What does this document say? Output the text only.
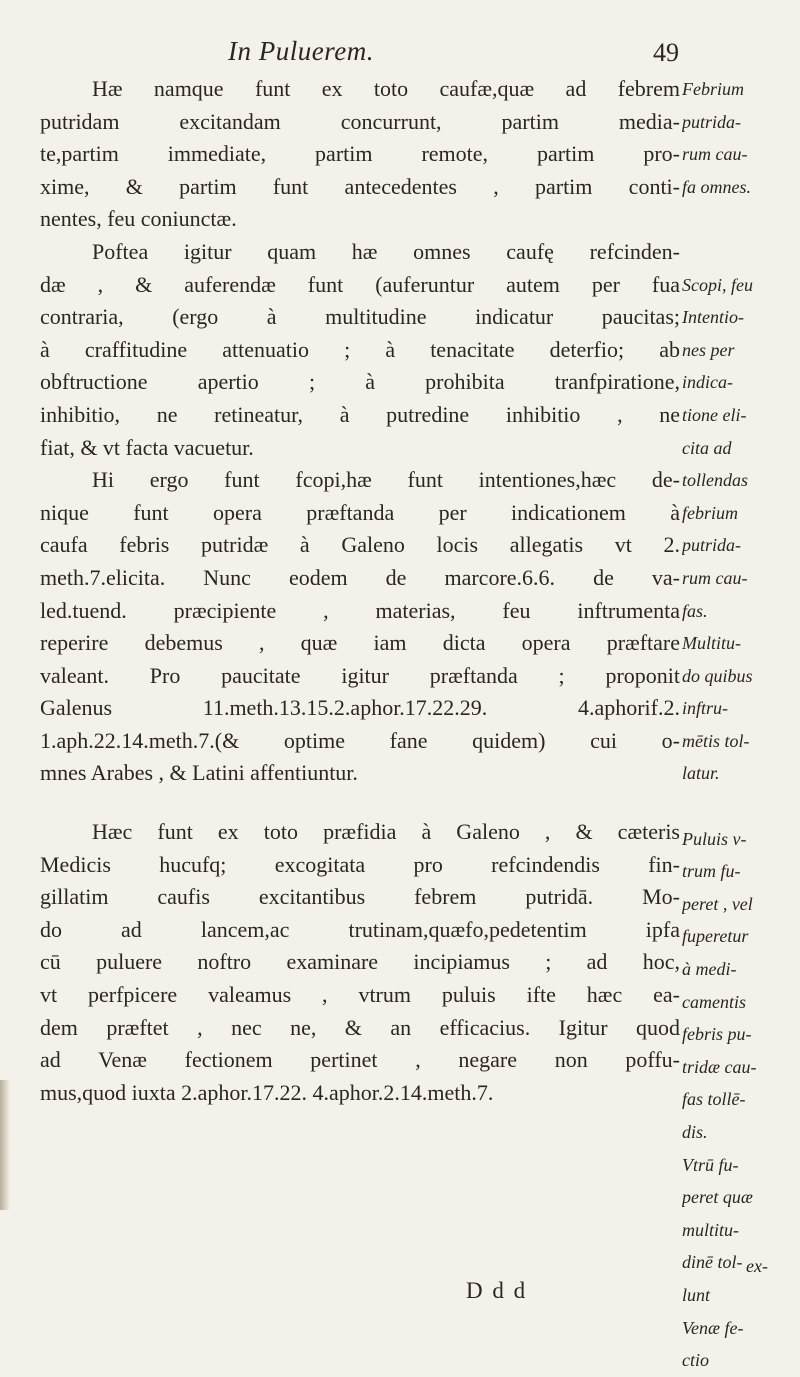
In Puluerem.	49
Hæ namque funt ex toto caufæ,quæ ad febrem
putridam excitandam concurrunt, partim media-
te,partim immediate, partim remote, partim pro-
xime, & partim funt antecedentes , partim conti-
nentes, feu coniunctæ.
Poftea igitur quam hæ omnes caufę refcinden-
dæ , & auferendæ funt (auferuntur autem per fua
contraria, (ergo à multitudine indicatur paucitas;
à craffitudine attenuatio ; à tenacitate deterfio; ab
obftructione apertio ; à prohibita tranfpiratione,
inhibitio, ne retineatur, à putredine inhibitio , ne
fiat, & vt facta vacuetur.
Hi ergo funt fcopi,hæ funt intentiones,hæc de-
nique funt opera præftanda per indicationem à
caufa febris putridæ à Galeno locis allegatis vt 2.
meth.7.elicita. Nunc eodem de marcore.6.6. de va-
led.tuend. præcipiente , materias, feu inftrumenta
reperire debemus , quæ iam dicta opera præftare
valeant. Pro paucitate igitur præftanda ; proponit
Galenus 11.meth.13.15.2.aphor.17.22.29. 4.aphorif.2.
1.aph.22.14.meth.7.(& optime fane quidem) cui o-
mnes Arabes , & Latini affentiuntur.
Hæc funt ex toto præfidia à Galeno , & cæteris
Medicis hucufq; excogitata pro refcindendis fin-
gillatim caufis excitantibus febrem putridā. Mo-
do ad lancem,ac trutinam,quæfo,pedetentim ipfa
cū puluere noftro examinare incipiamus ; ad hoc,
vt perfpicere valeamus , vtrum puluis ifte hæc ea-
dem præftet , nec ne, & an efficacius. Igitur quod
ad Venæ fectionem pertinet , negare non poffu-
mus,quod iuxta 2.aphor.17.22. 4.aphor.2.14.meth.7.
Febrium
putrida-
rum cau-
fa omnes.
Scopi, feu
Intentio-
nes per
indica-
tione eli-
cita ad
tollendas
febrium
putrida-
rum cau-
fas.
Multitu-
do quibus
inftru-
mētis tol-
latur.
Puluis v-
trum fu-
peret , vel
fuperetur
à medi-
camentis
febris pu-
tridæ cau-
fas tollē-
dis.
Vtrū fu-
peret quæ
multitu-
dinē tol-
lunt
Venæ fe-
ctio
D d d
ex-
